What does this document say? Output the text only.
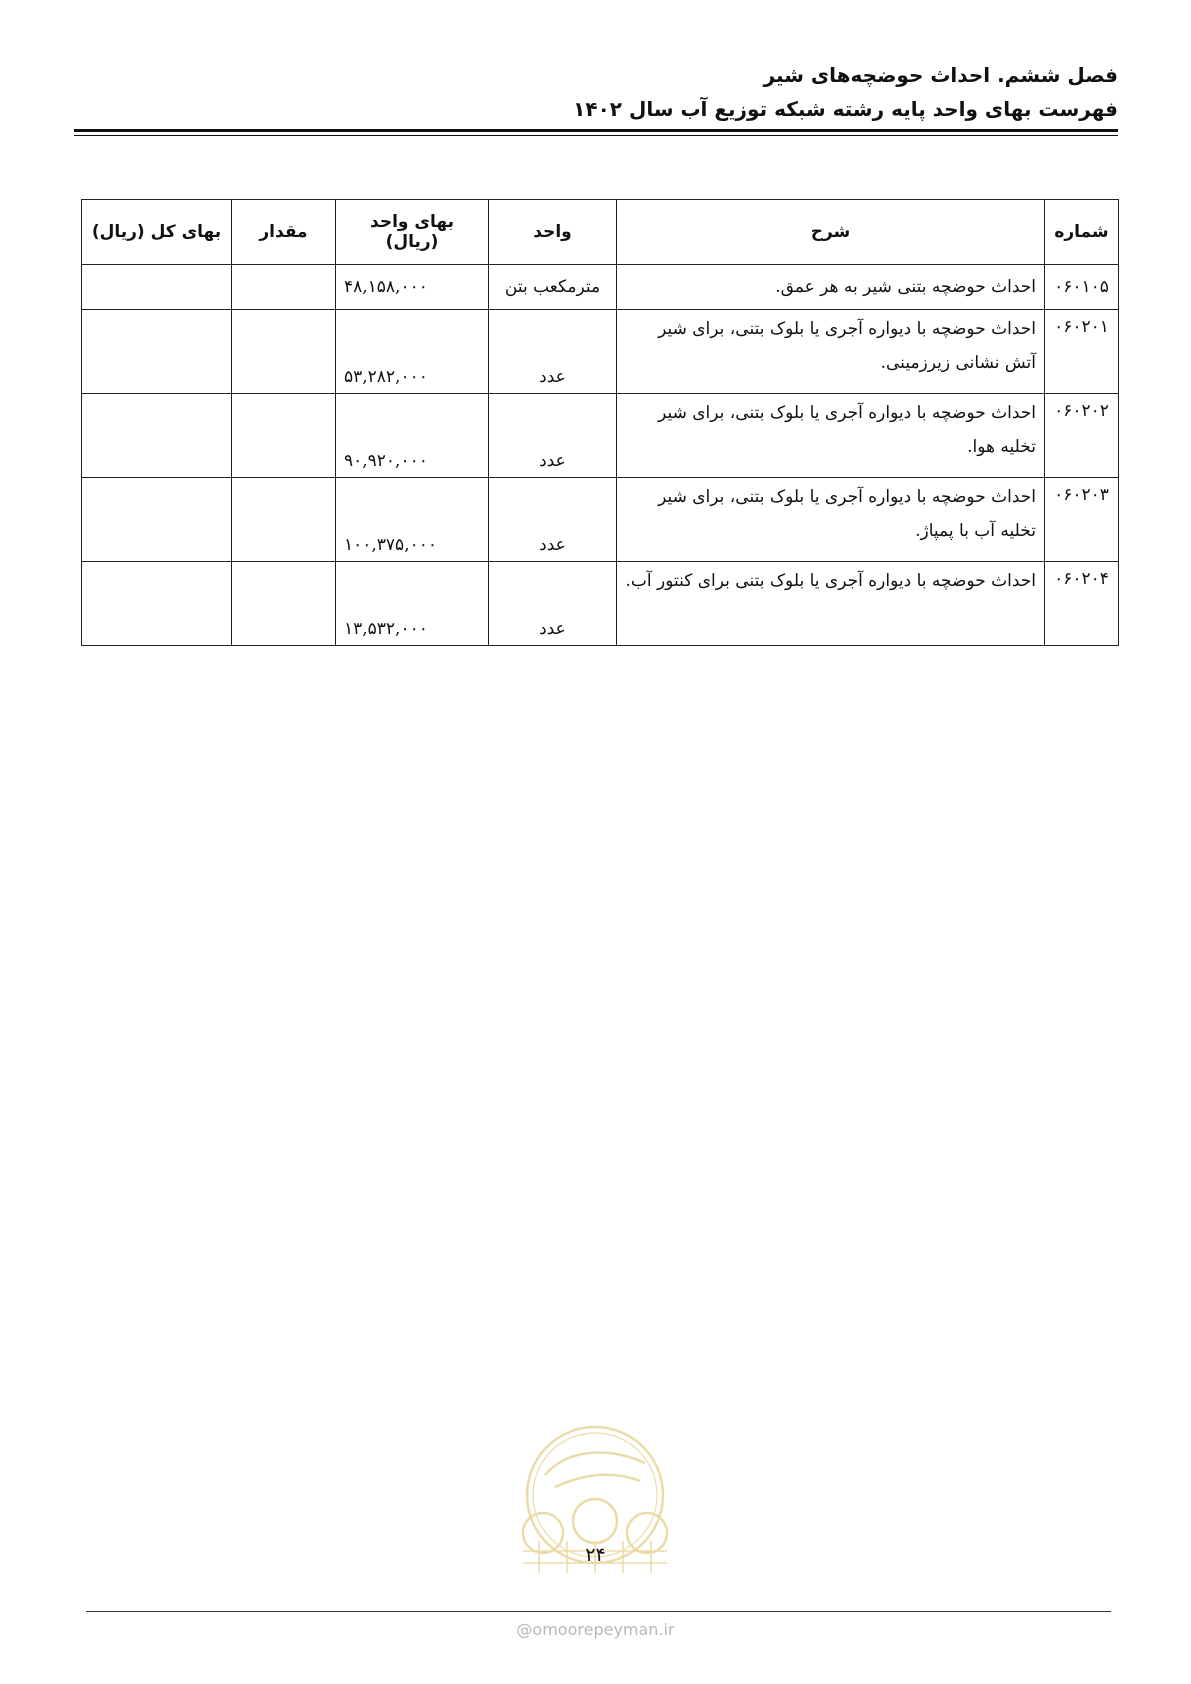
فصل ششم. احداث حوضچه‌های شیر
فهرست بهای واحد پایه رشته شبکه توزیع آب سال ۱۴۰۲
شماره	شرح	واحد	بهای واحد (ریال)	مقدار	بهای کل (ریال)
۰۶۰۱۰۵	احداث حوضچه بتنی شیر به هر عمق.	مترمکعب بتن	۴۸,۱۵۸,۰۰۰		
۰۶۰۲۰۱	احداث حوضچه با دیواره آجری یا بلوک بتنی، برای شیر آتش نشانی زیرزمینی.	عدد	۵۳,۲۸۲,۰۰۰		
۰۶۰۲۰۲	احداث حوضچه با دیواره آجری یا بلوک بتنی، برای شیر تخلیه هوا.	عدد	۹۰,۹۲۰,۰۰۰		
۰۶۰۲۰۳	احداث حوضچه با دیواره آجری یا بلوک بتنی، برای شیر تخلیه آب با پمپاژ.	عدد	۱۰۰,۳۷۵,۰۰۰		
۰۶۰۲۰۴	احداث حوضچه با دیواره آجری یا بلوک بتنی برای کنتور آب.	عدد	۱۳,۵۳۲,۰۰۰		
۲۴
@omoorepeyman.ir
